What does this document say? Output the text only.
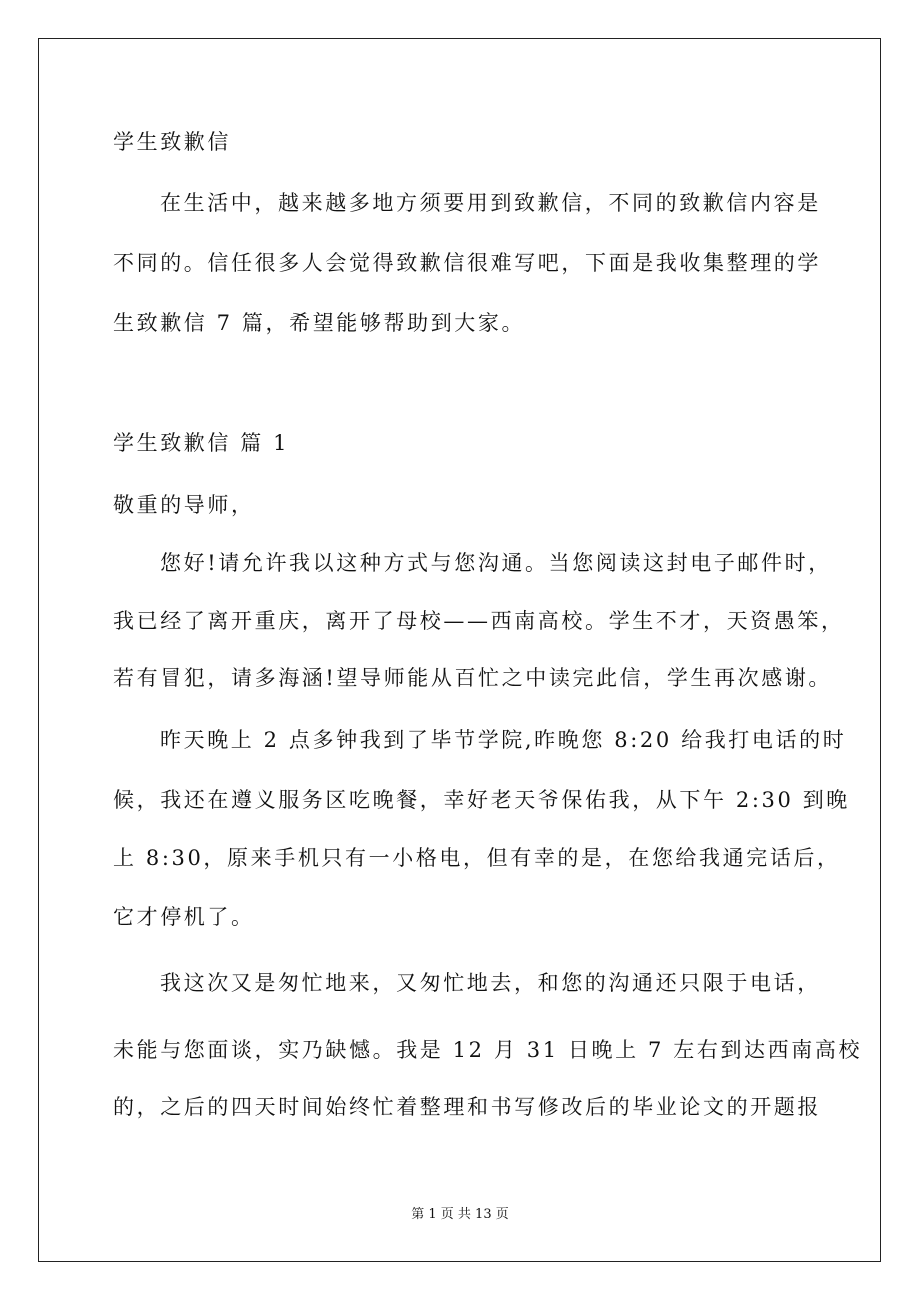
学生致歉信
在生活中，越来越多地方须要用到致歉信，不同的致歉信内容是
不同的。信任很多人会觉得致歉信很难写吧，下面是我收集整理的学
生致歉信 7 篇，希望能够帮助到大家。
学生致歉信 篇 1
敬重的导师，
您好!请允许我以这种方式与您沟通。当您阅读这封电子邮件时，
我已经了离开重庆，离开了母校——西南高校。学生不才，天资愚笨，
若有冒犯，请多海涵!望导师能从百忙之中读完此信，学生再次感谢。
昨天晚上 2 点多钟我到了毕节学院,昨晚您 8:20 给我打电话的时
候，我还在遵义服务区吃晚餐，幸好老天爷保佑我，从下午 2:30 到晚
上 8:30，原来手机只有一小格电，但有幸的是，在您给我通完话后，
它才停机了。
我这次又是匆忙地来，又匆忙地去，和您的沟通还只限于电话，
未能与您面谈，实乃缺憾。我是 12 月 31 日晚上 7 左右到达西南高校
的，之后的四天时间始终忙着整理和书写修改后的毕业论文的开题报
第 1 页 共 13 页
